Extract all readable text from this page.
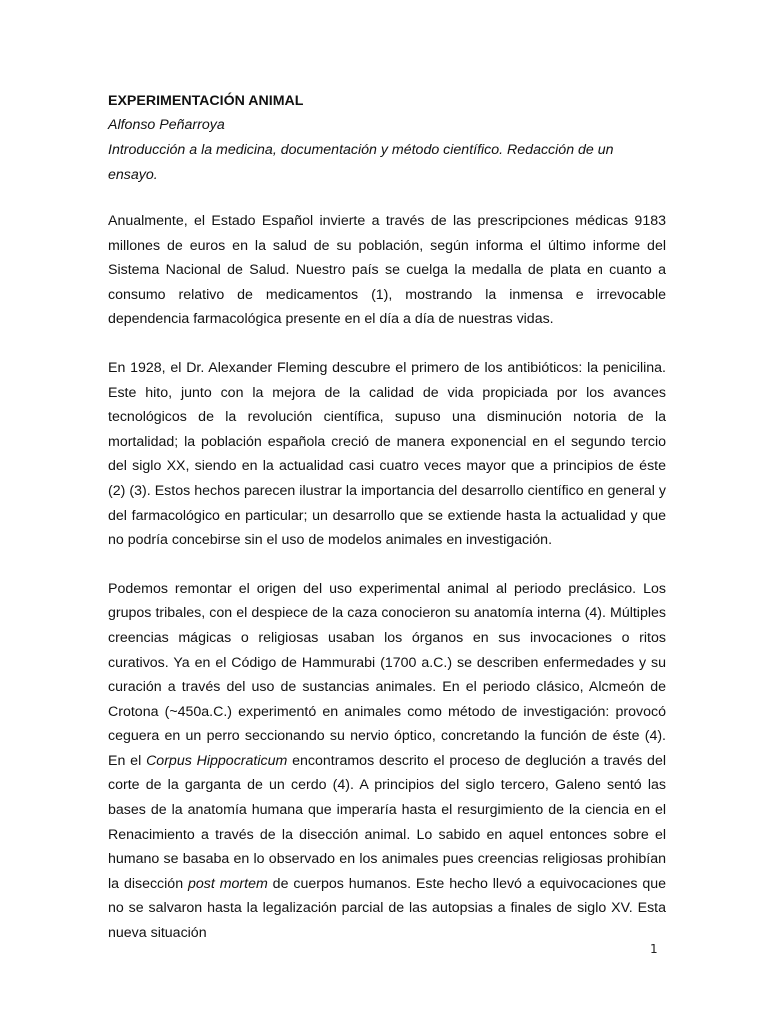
EXPERIMENTACIÓN ANIMAL

Alfonso Peñarroya

Introducción a la medicina, documentación y método científico. Redacción de un ensayo.

Anualmente, el Estado Español invierte a través de las prescripciones médicas 9183 millones de euros en la salud de su población, según informa el último informe del Sistema Nacional de Salud. Nuestro país se cuelga la medalla de plata en cuanto a consumo relativo de medicamentos (1), mostrando la inmensa e irrevocable dependencia farmacológica presente en el día a día de nuestras vidas.

En 1928, el Dr. Alexander Fleming descubre el primero de los antibióticos: la penicilina. Este hito, junto con la mejora de la calidad de vida propiciada por los avances tecnológicos de la revolución científica, supuso una disminución notoria de la mortalidad; la población española creció de manera exponencial en el segundo tercio del siglo XX, siendo en la actualidad casi cuatro veces mayor que a principios de éste (2) (3). Estos hechos parecen ilustrar la importancia del desarrollo científico en general y del farmacológico en particular; un desarrollo que se extiende hasta la actualidad y que no podría concebirse sin el uso de modelos animales en investigación.

Podemos remontar el origen del uso experimental animal al periodo preclásico. Los grupos tribales, con el despiece de la caza conocieron su anatomía interna (4). Múltiples creencias mágicas o religiosas usaban los órganos en sus invocaciones o ritos curativos. Ya en el Código de Hammurabi (1700 a.C.) se describen enfermedades y su curación a través del uso de sustancias animales. En el periodo clásico, Alcmeón de Crotona (~450a.C.) experimentó en animales como método de investigación: provocó ceguera en un perro seccionando su nervio óptico, concretando la función de éste (4). En el Corpus Hippocraticum encontramos descrito el proceso de deglución a través del corte de la garganta de un cerdo (4). A principios del siglo tercero, Galeno sentó las bases de la anatomía humana que imperaría hasta el resurgimiento de la ciencia en el Renacimiento a través de la disección animal. Lo sabido en aquel entonces sobre el humano se basaba en lo observado en los animales pues creencias religiosas prohibían la disección post mortem de cuerpos humanos. Este hecho llevó a equivocaciones que no se salvaron hasta la legalización parcial de las autopsias a finales de siglo XV. Esta nueva situación

1
